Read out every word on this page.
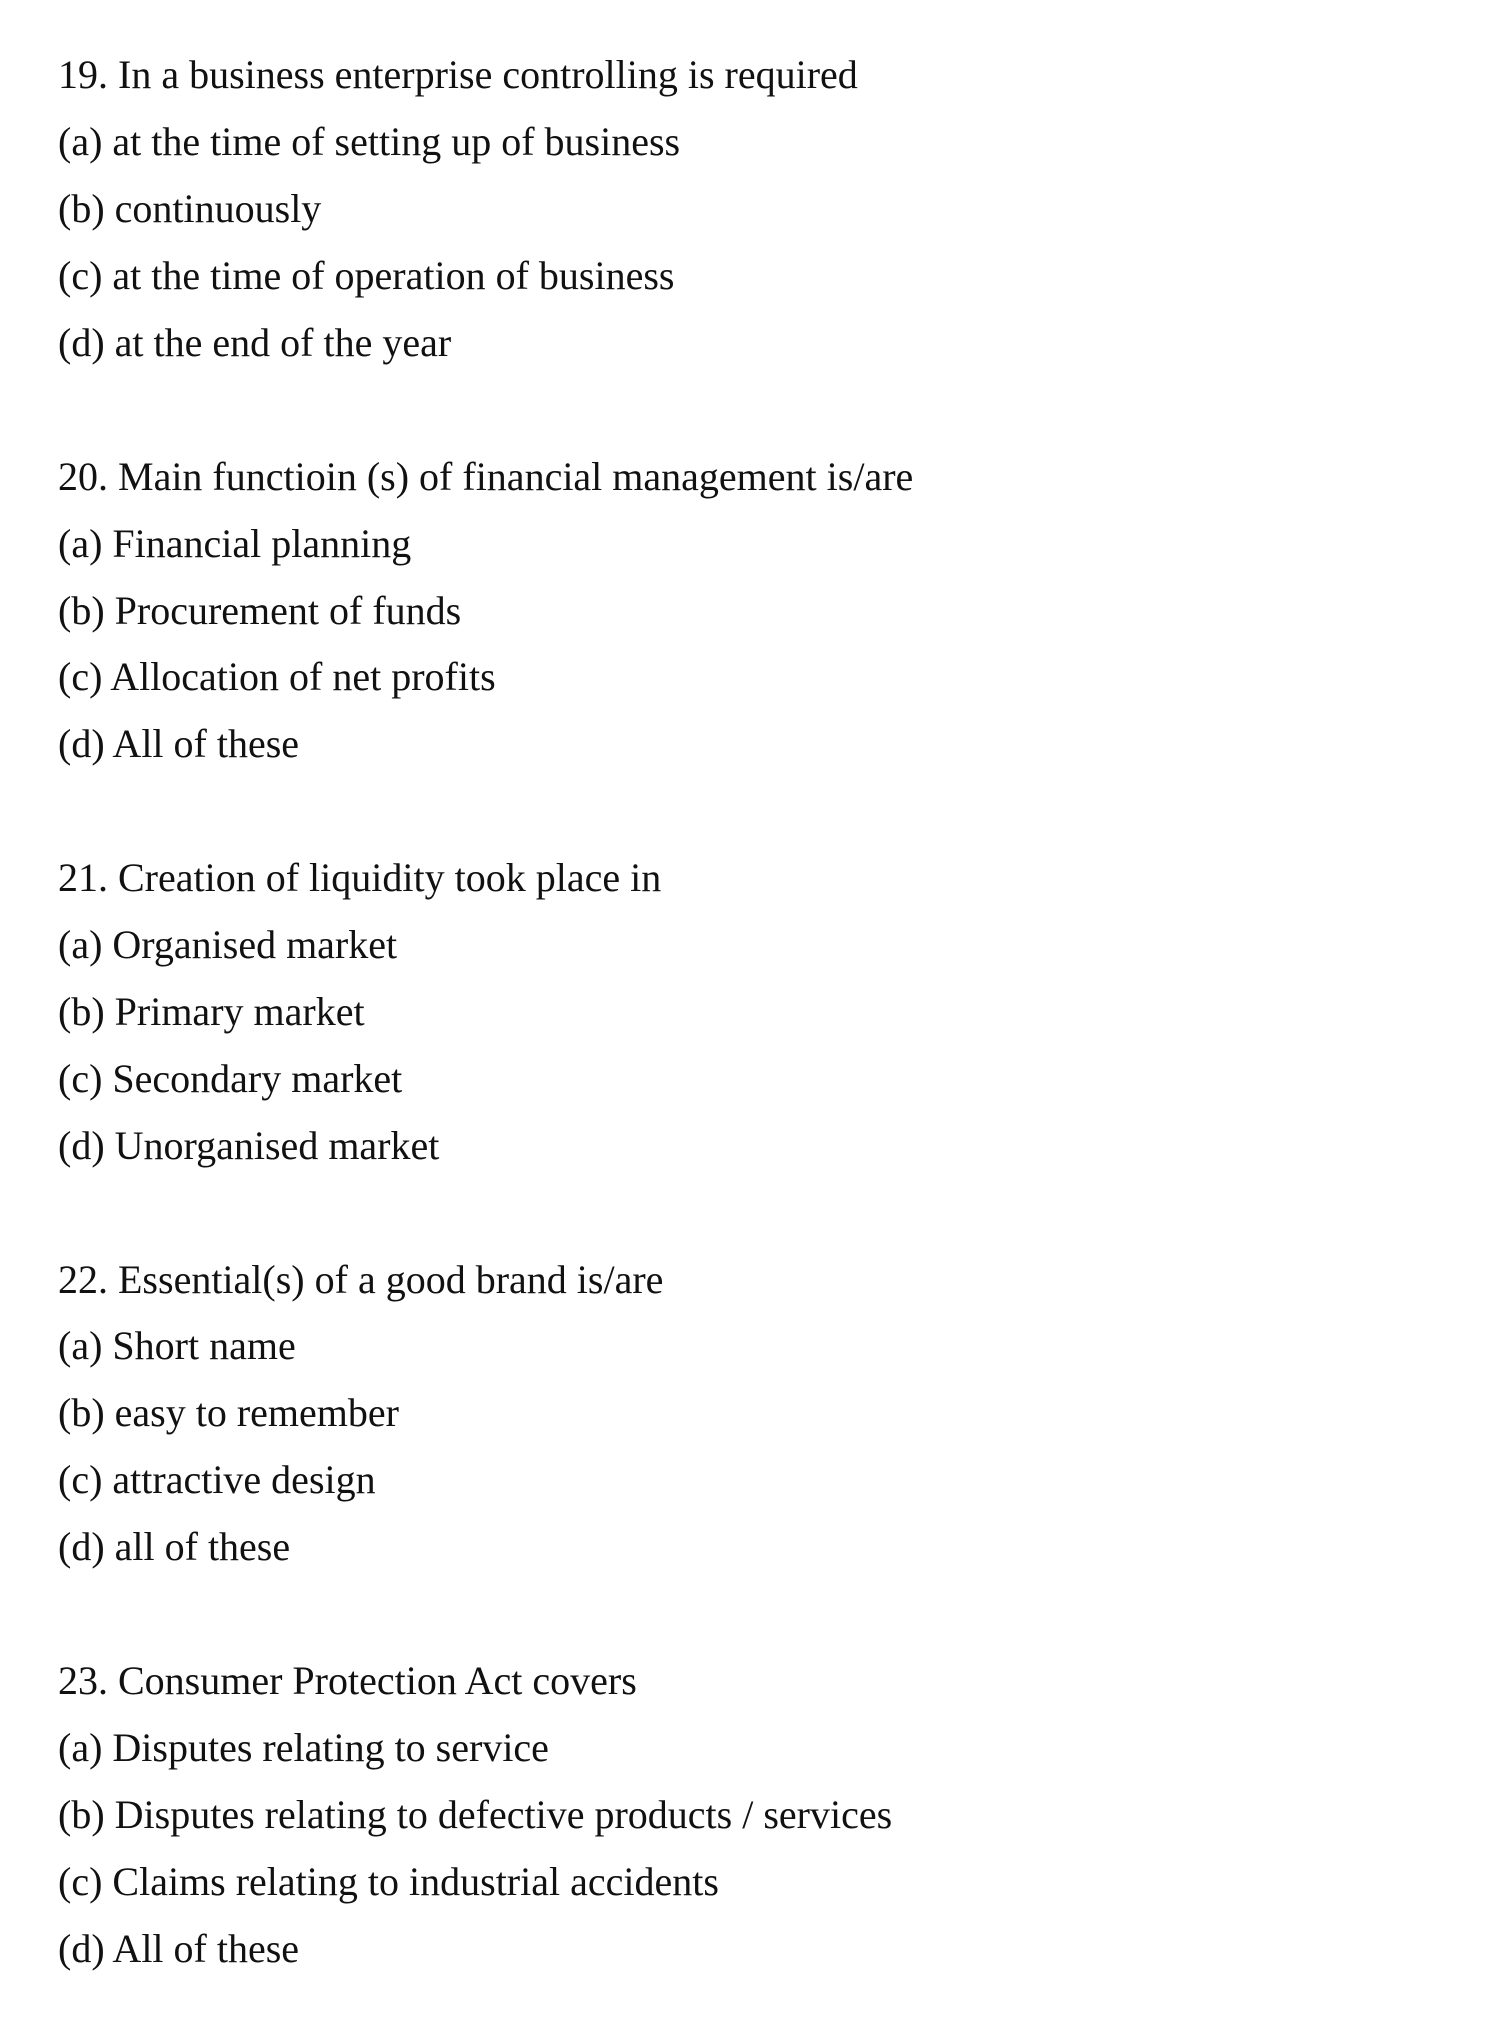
19. In a business enterprise controlling is required
(a) at the time of setting up of business
(b) continuously
(c) at the time of operation of business
(d) at the end of the year
20. Main functioin (s) of financial management is/are
(a) Financial planning
(b) Procurement of funds
(c) Allocation of net profits
(d) All of these
21. Creation of liquidity took place in
(a) Organised market
(b) Primary market
(c) Secondary market
(d) Unorganised market
22. Essential(s) of a good brand is/are
(a) Short name
(b) easy to remember
(c) attractive design
(d) all of these
23. Consumer Protection Act covers
(a) Disputes relating to service
(b) Disputes relating to defective products / services
(c) Claims relating to industrial accidents
(d) All of these
